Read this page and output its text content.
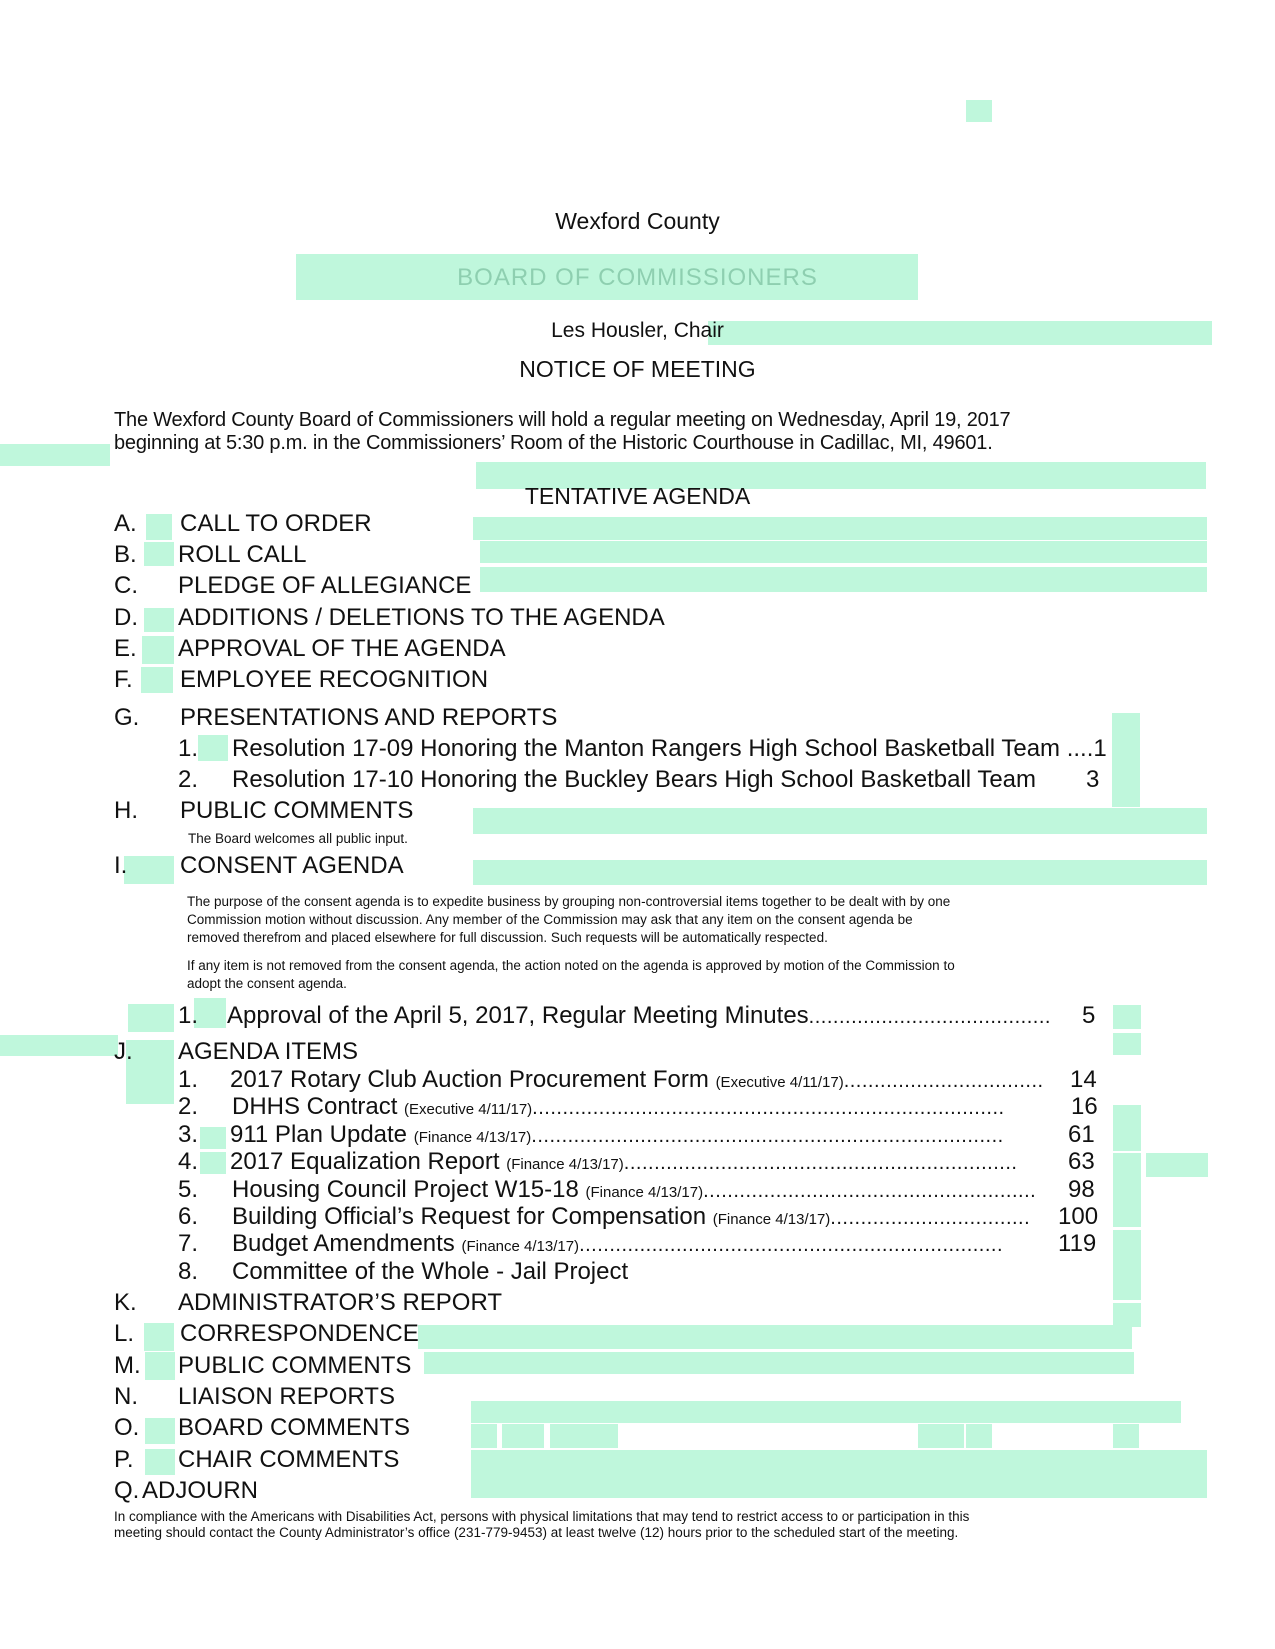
Wexford County
BOARD OF COMMISSIONERS
Les Housler, Chair
NOTICE OF MEETING
The Wexford County Board of Commissioners will hold a regular meeting on Wednesday, April 19, 2017
beginning at 5:30 p.m. in the Commissioners’ Room of the Historic Courthouse in Cadillac, MI, 49601.
TENTATIVE AGENDA
A. CALL TO ORDER
B. ROLL CALL
C. PLEDGE OF ALLEGIANCE
D. ADDITIONS / DELETIONS TO THE AGENDA
E. APPROVAL OF THE AGENDA
F. EMPLOYEE RECOGNITION
G. PRESENTATIONS AND REPORTS
1. Resolution 17-09 Honoring the Manton Rangers High School Basketball Team ....1
2. Resolution 17-10 Honoring the Buckley Bears High School Basketball Team 3
H. PUBLIC COMMENTS
The Board welcomes all public input.
I. CONSENT AGENDA
The purpose of the consent agenda is to expedite business by grouping non-controversial items together to be dealt with by one
Commission motion without discussion. Any member of the Commission may ask that any item on the consent agenda be
removed therefrom and placed elsewhere for full discussion. Such requests will be automatically respected.
If any item is not removed from the consent agenda, the action noted on the agenda is approved by motion of the Commission to
adopt the consent agenda.
1. Approval of the April 5, 2017, Regular Meeting Minutes........................................ 5
J. AGENDA ITEMS
1. 2017 Rotary Club Auction Procurement Form (Executive 4/11/17)................................. 14
2. DHHS Contract (Executive 4/11/17)..............................................................................	16
3. 911 Plan Update (Finance 4/13/17)..............................................................................	61
4. 2017 Equalization Report (Finance 4/13/17)................................................................. 63
5. Housing Council Project W15-18 (Finance 4/13/17)....................................................... 98
6. Building Official’s Request for Compensation (Finance 4/13/17)................................. 100
7. Budget Amendments (Finance 4/13/17)...................................................................... 119
8. Committee of the Whole - Jail Project
K. ADMINISTRATOR’S REPORT
L. CORRESPONDENCE
M. PUBLIC COMMENTS
N. LIAISON REPORTS
O. BOARD COMMENTS
P. CHAIR COMMENTS
Q. ADJOURN
In compliance with the Americans with Disabilities Act, persons with physical limitations that may tend to restrict access to or participation in this
meeting should contact the County Administrator’s office (231-779-9453) at least twelve (12) hours prior to the scheduled start of the meeting.
